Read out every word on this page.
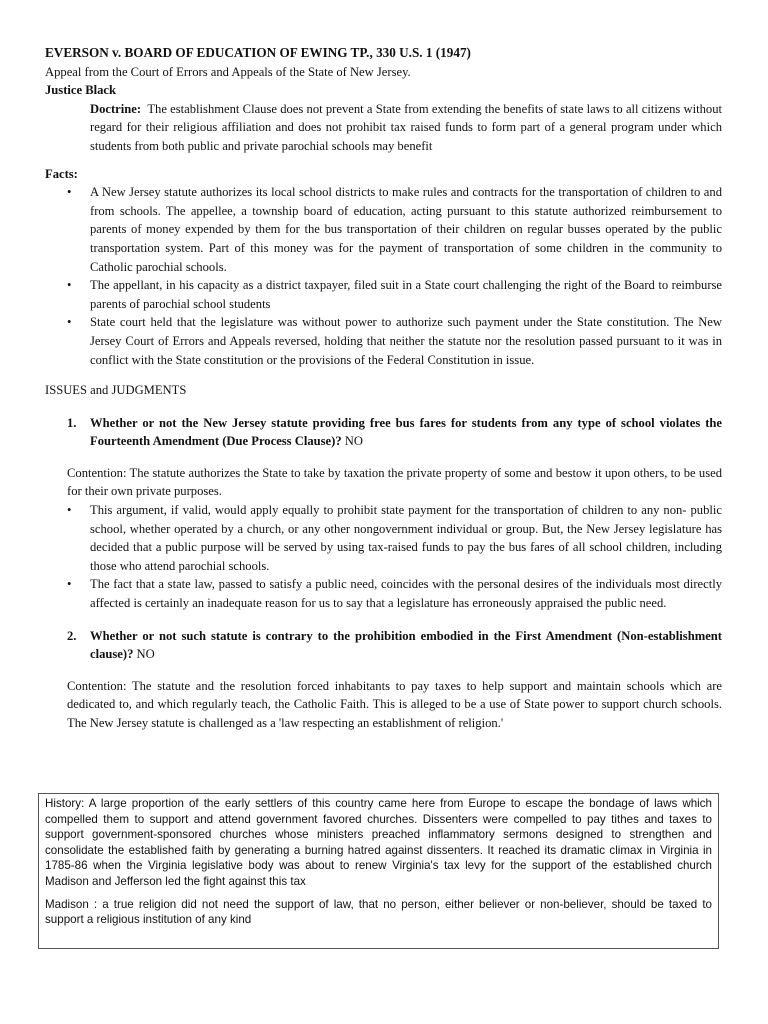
EVERSON v. BOARD OF EDUCATION OF EWING TP., 330 U.S. 1 (1947)

Appeal from the Court of Errors and Appeals of the State of New Jersey.

Justice Black

Doctrine: The establishment Clause does not prevent a State from extending the benefits of state laws to all citizens without regard for their religious affiliation and does not prohibit tax raised funds to form part of a general program under which students from both public and private parochial schools may benefit

Facts:

• A New Jersey statute authorizes its local school districts to make rules and contracts for the transportation of children to and from schools. The appellee, a township board of education, acting pursuant to this statute authorized reimbursement to parents of money expended by them for the bus transportation of their children on regular busses operated by the public transportation system. Part of this money was for the payment of transportation of some children in the community to Catholic parochial schools.
• The appellant, in his capacity as a district taxpayer, filed suit in a State court challenging the right of the Board to reimburse parents of parochial school students
• State court held that the legislature was without power to authorize such payment under the State constitution. The New Jersey Court of Errors and Appeals reversed, holding that neither the statute nor the resolution passed pursuant to it was in conflict with the State constitution or the provisions of the Federal Constitution in issue.

ISSUES and JUDGMENTS

1. Whether or not the New Jersey statute providing free bus fares for students from any type of school violates the Fourteenth Amendment (Due Process Clause)? NO

Contention: The statute authorizes the State to take by taxation the private property of some and bestow it upon others, to be used for their own private purposes.

• This argument, if valid, would apply equally to prohibit state payment for the transportation of children to any non- public school, whether operated by a church, or any other nongovernment individual or group. But, the New Jersey legislature has decided that a public purpose will be served by using tax-raised funds to pay the bus fares of all school children, including those who attend parochial schools.
• The fact that a state law, passed to satisfy a public need, coincides with the personal desires of the individuals most directly affected is certainly an inadequate reason for us to say that a legislature has erroneously appraised the public need.

2. Whether or not such statute is contrary to the prohibition embodied in the First Amendment (Non-establishment clause)? NO

Contention: The statute and the resolution forced inhabitants to pay taxes to help support and maintain schools which are dedicated to, and which regularly teach, the Catholic Faith. This is alleged to be a use of State power to support church schools. The New Jersey statute is challenged as a 'law respecting an establishment of religion.'

History: A large proportion of the early settlers of this country came here from Europe to escape the bondage of laws which compelled them to support and attend government favored churches. Dissenters were compelled to pay tithes and taxes to support government-sponsored churches whose ministers preached inflammatory sermons designed to strengthen and consolidate the established faith by generating a burning hatred against dissenters. It reached its dramatic climax in Virginia in 1785-86 when the Virginia legislative body was about to renew Virginia's tax levy for the support of the established church Madison and Jefferson led the fight against this tax

Madison : a true religion did not need the support of law, that no person, either believer or non-believer, should be taxed to support a religious institution of any kind
